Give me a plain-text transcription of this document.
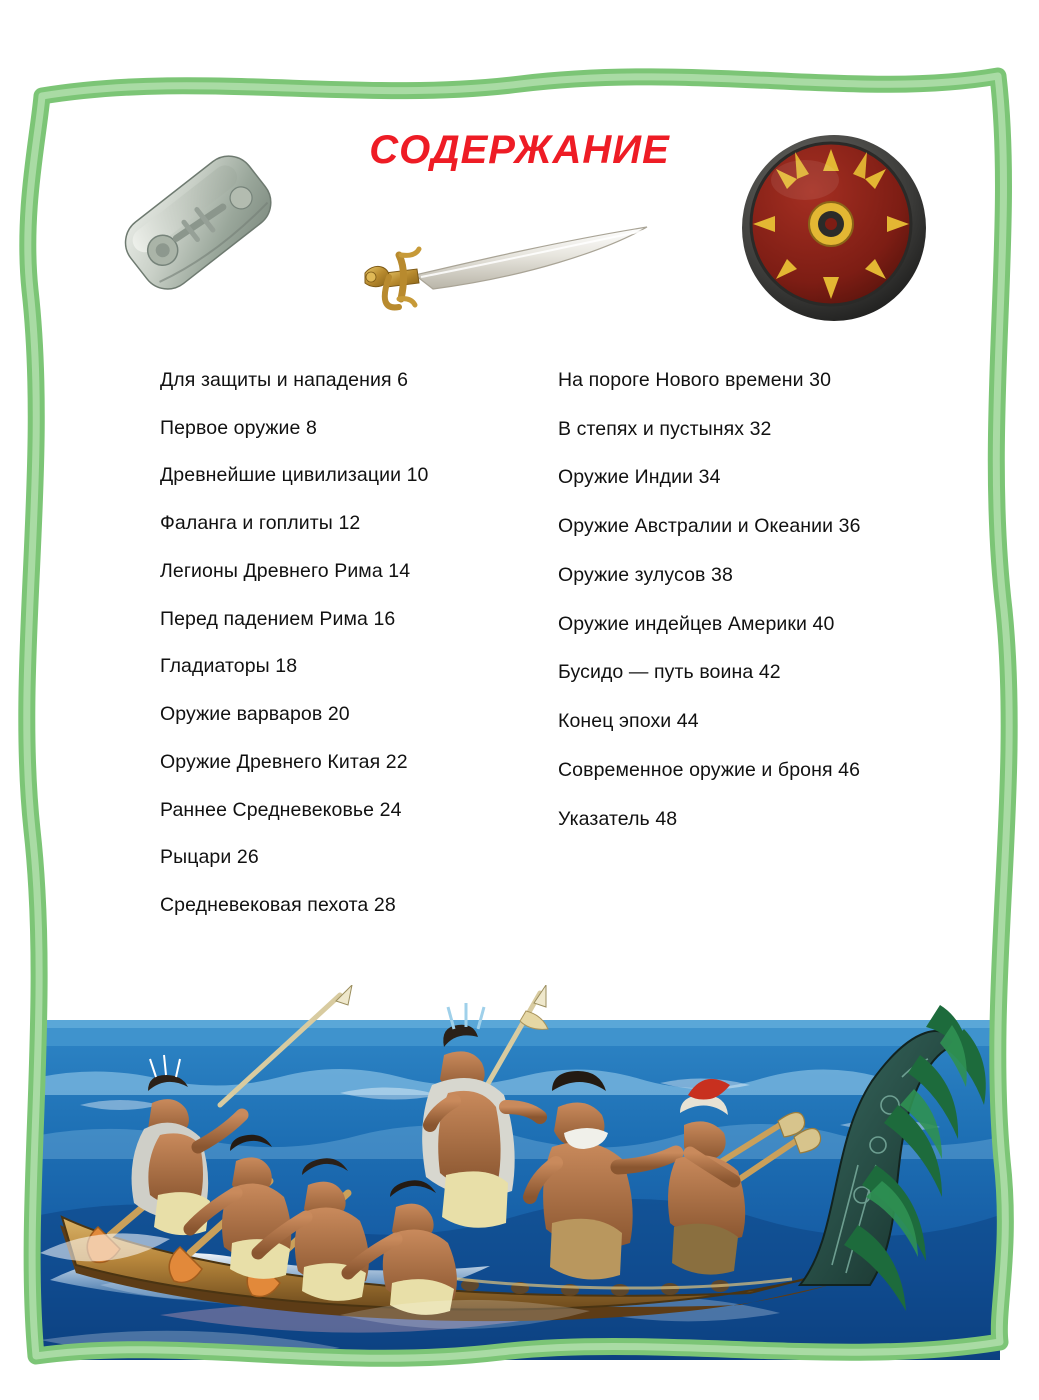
СОДЕРЖАНИЕ
Для защиты и нападения 6
Первое оружие 8
Древнейшие цивилизации 10
Фаланга и гоплиты 12
Легионы Древнего Рима 14
Перед падением Рима 16
Гладиаторы 18
Оружие варваров 20
Оружие Древнего Китая 22
Раннее Средневековье 24
Рыцари 26
Средневековая пехота 28
На пороге Нового времени 30
В степях и пустынях 32
Оружие Индии 34
Оружие Австралии и Океании 36
Оружие зулусов 38
Оружие индейцев Америки 40
Бусидо — путь воина 42
Конец эпохи 44
Современное оружие и броня 46
Указатель 48
